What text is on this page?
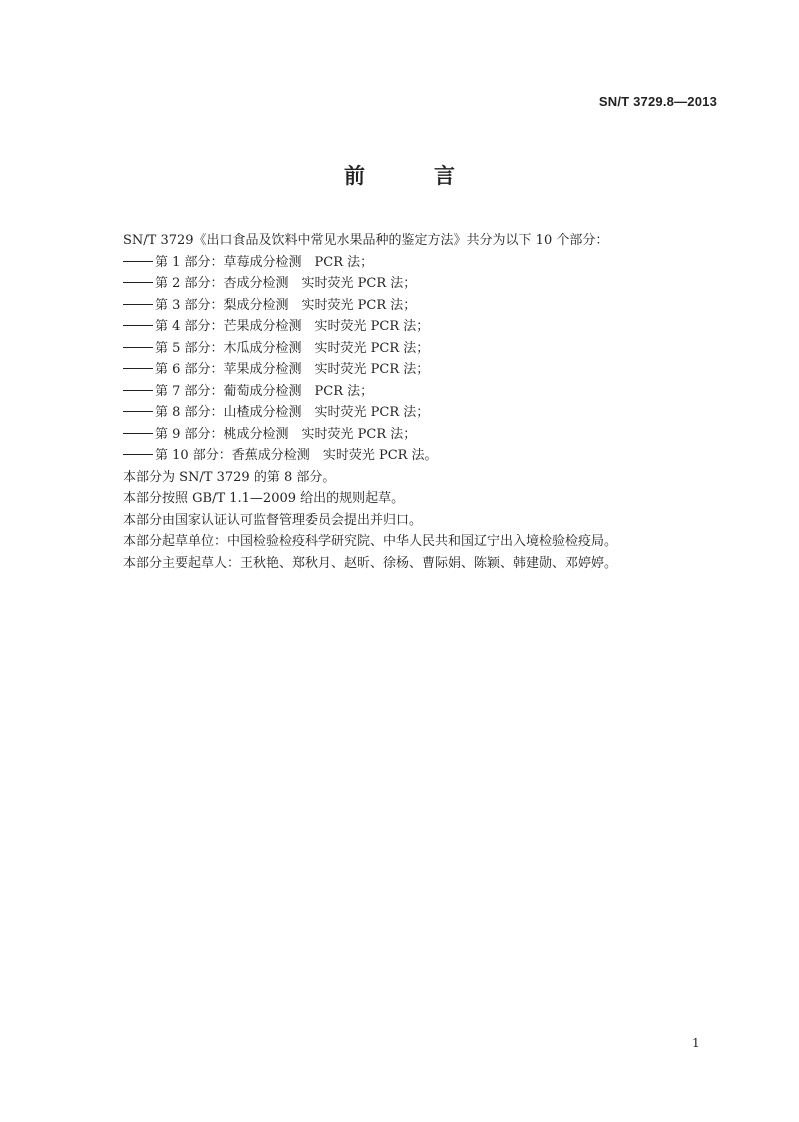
SN/T 3729.8—2013
前　言
SN/T 3729《出口食品及饮料中常见水果品种的鉴定方法》共分为以下 10 个部分：
第 1 部分：草莓成分检测 PCR 法；
第 2 部分：杏成分检测 实时荧光 PCR 法；
第 3 部分：梨成分检测 实时荧光 PCR 法；
第 4 部分：芒果成分检测 实时荧光 PCR 法；
第 5 部分：木瓜成分检测 实时荧光 PCR 法；
第 6 部分：苹果成分检测 实时荧光 PCR 法；
第 7 部分：葡萄成分检测 PCR 法；
第 8 部分：山楂成分检测 实时荧光 PCR 法；
第 9 部分：桃成分检测 实时荧光 PCR 法；
第 10 部分：香蕉成分检测 实时荧光 PCR 法。
本部分为 SN/T 3729 的第 8 部分。
本部分按照 GB/T 1.1—2009 给出的规则起草。
本部分由国家认证认可监督管理委员会提出并归口。
本部分起草单位：中国检验检疫科学研究院、中华人民共和国辽宁出入境检验检疫局。
本部分主要起草人：王秋艳、郑秋月、赵昕、徐杨、曹际娟、陈颖、韩建勋、邓婷婷。
1
